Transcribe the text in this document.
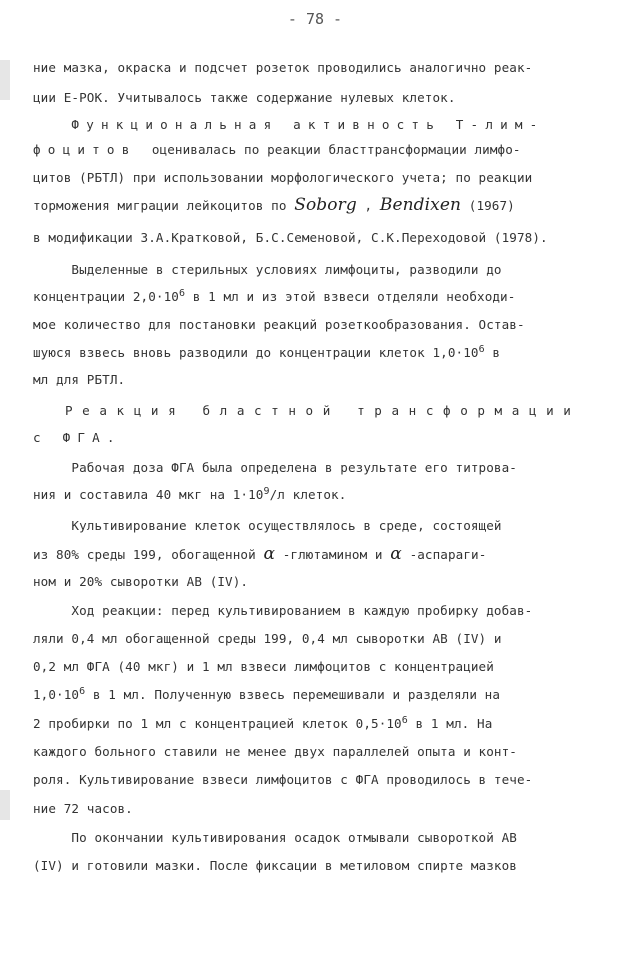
- 78 -
ние мазка, окраска и подсчет розеток проводились аналогично реак-
ции Е-РОК. Учитывалось также содержание нулевых клеток.
Функциональная активность Т-лим-
фоцитов  оценивалась по реакции бласттрансформации лимфо-
цитов (РБТЛ) при использовании морфологического учета; по реакции
торможения миграции лейкоцитов по Soborg , Bendixen (1967)
в модификации З.А.Кратковой, Б.С.Семеновой, С.К.Переходовой (1978).
Выделенные в стерильных условиях лимфоциты, разводили до
концентрации $2,0\cdot 10^6$ в 1 мл и из этой взвеси отделяли необходи-
мое количество для постановки реакций розеткообразования. Остав-
шуюся взвесь вновь разводили до концентрации клеток $1,0\cdot 10^6$ в
мл для РБТЛ.
Реакция бластной трансформации
с ФГА.
Рабочая доза ФГА была определена в результате его титрова-
ния и составила 40 мкг на $1\cdot 10^9/л$ клеток.
Культивирование клеток осуществлялось в среде, состоящей
из 80% среды 199, обогащенной α -глютамином и α -аспараги-
ном и 20% сыворотки АВ (IV).
Ход реакции: перед культивированием в каждую пробирку добав-
ляли 0,4 мл обогащенной среды 199, 0,4 мл сыворотки АВ (IV) и
0,2 мл ФГА (40 мкг) и 1 мл взвеси лимфоцитов с концентрацией
$1,0\cdot 10^6$ в 1 мл. Полученную взвесь перемешивали и разделяли на
2 пробирки по 1 мл с концентрацией клеток $0,5\cdot 10^6$ в 1 мл. На
каждого больного ставили не менее двух параллелей опыта и конт-
роля. Культивирование взвеси лимфоцитов с ФГА проводилось в тече-
ние 72 часов.
По окончании культивирования осадок отмывали сывороткой АВ
(IV) и готовили мазки. После фиксации в метиловом спирте мазков
